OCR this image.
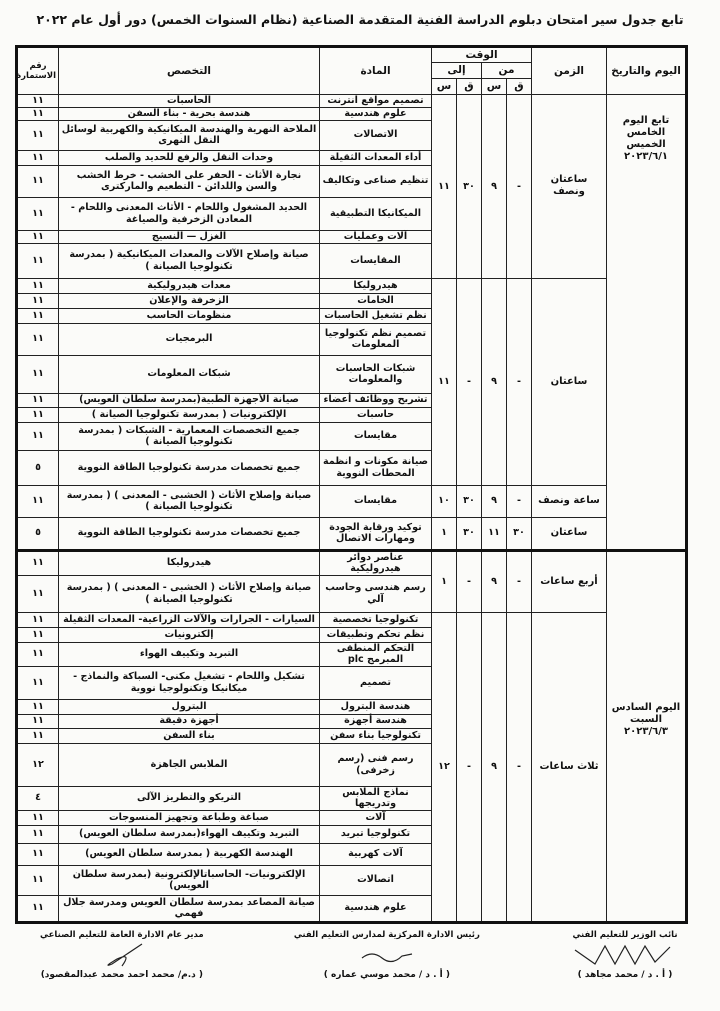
تابع جدول سير امتحان دبلوم الدراسة الفنية المتقدمة الصناعية (نظام السنوات الخمس) دور أول عام ٢٠٢٢
اليوم والتاريخ	الزمن	الوقت				المادة	التخصص	رقم الاستمارة
		من		إلى				
		ق	س	ق	س			
تابع اليوم الخامس الخميس ٢٠٢٣/٦/١	ساعتان ونصف	-	٩	٣٠	١١	تصميم مواقع انترنت	الحاسبات	١١
						علوم هندسية	هندسة بحرية - بناء السفن	١١
						الاتصالات	الملاحة النهرية والهندسة الميكانيكية والكهربية لوسائل النقل النهرى	١١
						أداء المعدات الثقيلة	وحدات النقل والرفع للحديد والصلب	١١
						تنظيم صناعى وتكاليف	نجارة الأثاث - الحفر على الخشب - خرط الخشب والسن واللدائن - التطعيم والماركترى	١١
						الميكانيكا التطبيقية	الحديد المشغول واللحام - الأثاث المعدنى واللحام - المعادن الزخرفية والصياغة	١١
						آلات وعمليات	الغزل — النسيج	١١
						المقايسات	صيانة وإصلاح الآلات والمعدات الميكانيكية ( بمدرسة تكنولوجيا الصيانة )	١١
	ساعتان	-	٩	-	١١	هيدروليكا	معدات هيدروليكية	١١
						الخامات	الزخرفة والإعلان	١١
						نظم تشغيل الحاسبات	منظومات الحاسب	١١
						تصميم نظم تكنولوجيا المعلومات	البرمجيات	١١
						شبكات الحاسبات والمعلومات	شبكات المعلومات	١١
						تشريح ووظائف أعضاء	صيانة الأجهزة الطبية(بمدرسة سلطان العويس)	١١
						حاسبات	الإلكترونيات ( بمدرسة تكنولوجيا الصيانة )	١١
						مقايسات	جميع التخصصات المعمارية - الشبكات ( بمدرسة تكنولوجيا الصيانة )	١١
						صيانة مكونات و انظمة المحطات النووية	جميع تخصصات مدرسة تكنولوجيا الطاقة النووية	٥
	ساعة ونصف	-	٩	٣٠	١٠	مقايسات	صيانة وإصلاح الأثاث ( الخشبى - المعدنى ) ( بمدرسة تكنولوجيا الصيانة )	١١
	ساعتان	٣٠	١١	٣٠	١	توكيد ورقابة الجودة ومهارات الاتصال	جميع تخصصات مدرسة تكنولوجيا الطاقة النووية	٥
اليوم السادس السبت ٢٠٢٣/٦/٣	أربع ساعات	-	٩	-	١	عناصر دوائر هيدروليكية	هيدروليكا	١١
						رسم هندسى وحاسب آلي	صيانة وإصلاح الأثاث ( الخشبى - المعدنى ) ( بمدرسة تكنولوجيا الصيانة )	١١
	ثلاث ساعات	-	٩	-	١٢	تكنولوجيا تخصصية	السيارات - الجرارات والآلات الزراعية- المعدات الثقيلة	١١
						نظم تحكم وتطبيقات	إلكترونيات	١١
						التحكم المنطقى المبرمج plc	التبريد وتكييف الهواء	١١
						تصميم	تشكيل واللحام - تشغيل مكنى- السباكة والنماذج - ميكانيكا وتكنولوجيا نووية	١١
						هندسة البترول	البترول	١١
						هندسة أجهزة	أجهزة دقيقة	١١
						تكنولوجيا بناء سفن	بناء السفن	١١
						رسم فنى (رسم زخرفى)	الملابس الجاهزة	١٢
						نماذج الملابس وتدريجها	التريكو والتطريز الآلى	٤
						آلات	صباغة وطباعة وتجهيز المنسوجات	١١
						تكنولوجيا تبريد	التبريد وتكييف الهواء(بمدرسة سلطان العويس)	١١
						آلات كهربية	الهندسة الكهربية ( بمدرسة سلطان العويس)	١١
						اتصالات	الإلكترونيات- الحاسباتالإلكترونية (بمدرسة سلطان العويس)	١١
						علوم هندسية	صيانة المصاعد بمدرسة سلطان العويس ومدرسة جلال فهمي	١١
مدير عام الادارة العامة للتعليم الصناعي
( د.م/ محمد احمد محمد عبدالمقصود)
رئيس الادارة المركزية لمدارس التعليم الفني
( أ . د / محمد موسي عماره )
نائب الوزير للتعليم الفني
( أ . د / محمد مجاهد )
